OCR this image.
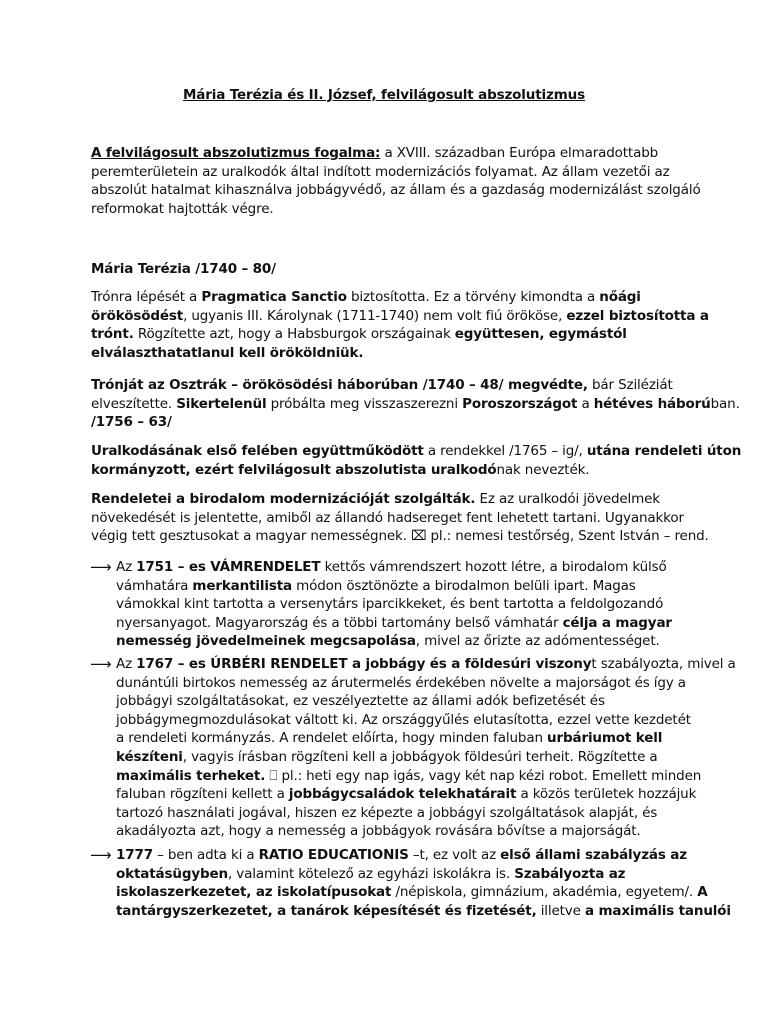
Mária Terézia és II. József, felvilágosult abszolutizmus
A felvilágosult abszolutizmus fogalma: a XVIII. században Európa elmaradottabb
peremterületein az uralkodók által indított modernizációs folyamat. Az állam vezetői az
abszolút hatalmat kihasználva jobbágyvédő, az állam és a gazdaság modernizálást szolgáló
reformokat hajtották végre.
Mária Terézia /1740 – 80/
Trónra lépését a Pragmatica Sanctio biztosította. Ez a törvény kimondta a nőági
örökösödést, ugyanis III. Károlynak (1711-1740) nem volt fiú örököse, ezzel biztosította a
trónt. Rögzítette azt, hogy a Habsburgok országainak együttesen, egymástól
elválaszthatatlanul kell örököldniük.
Trónját az Osztrák – örökösödési háborúban /1740 – 48/ megvédte, bár Sziléziát
elveszítette. Sikertelenül próbálta meg visszaszerezni Poroszországot a hétéves háborúban.
/1756 – 63/
Uralkodásának első felében együttműködött a rendekkel /1765 – ig/, utána rendeleti úton
kormányzott, ezért felvilágosult abszolutista uralkodónak nevezték.
Rendeletei a birodalom modernizációját szolgálták. Ez az uralkodói jövedelmek
növekedését is jelentette, amiből az állandó hadsereget fent lehetett tartani. Ugyanakkor
végig tett gesztusokat a magyar nemességnek. ⌧ pl.: nemesi testőrség, Szent István – rend.
⟶ Az 1751 – es VÁMRENDELET kettős vámrendszert hozott létre, a birodalom külső
vámhatára merkantilista módon ösztönözte a birodalmon belüli ipart. Magas
vámokkal kint tartotta a versenytárs iparcikkeket, és bent tartotta a feldolgozandó
nyersanyagot. Magyarország és a többi tartomány belső vámhatár célja a magyar
nemesség jövedelmeinek megcsapolása, mivel az őrizte az adómentességet.
⟶ Az 1767 – es ÚRBÉRI RENDELET a jobbágy és a földesúri viszonyt szabályozta, mivel a
dunántúli birtokos nemesség az árutermelés érdekében növelte a majorságot és így a
jobbágyi szolgáltatásokat, ez veszélyeztette az állami adók befizetését és
jobbágymegmozdulásokat váltott ki. Az országgyűlés elutasította, ezzel vette kezdetét
a rendeleti kormányzás. A rendelet előírta, hogy minden faluban urbáriumot kell
készíteni, vagyis írásban rögzíteni kell a jobbágyok földesúri terheit. Rögzítette a
maximális terheket. ⎕ pl.: heti egy nap igás, vagy két nap kézi robot. Emellett minden
faluban rögzíteni kellett a jobbágycsaládok telekhatárait a közös területek hozzájuk
tartozó használati jogával, hiszen ez képezte a jobbágyi szolgáltatások alapját, és
akadályozta azt, hogy a nemesség a jobbágyok rovására bővítse a majorságát.
⟶ 1777 – ben adta ki a RATIO EDUCATIONIS –t, ez volt az első állami szabályzás az
oktatásügyben, valamint kötelező az egyházi iskolákra is. Szabályozta az
iskolaszerkezetet, az iskolatípusokat /népiskola, gimnázium, akadémia, egyetem/. A
tantárgyszerkezetet, a tanárok képesítését és fizetését, illetve a maximális tanulói
